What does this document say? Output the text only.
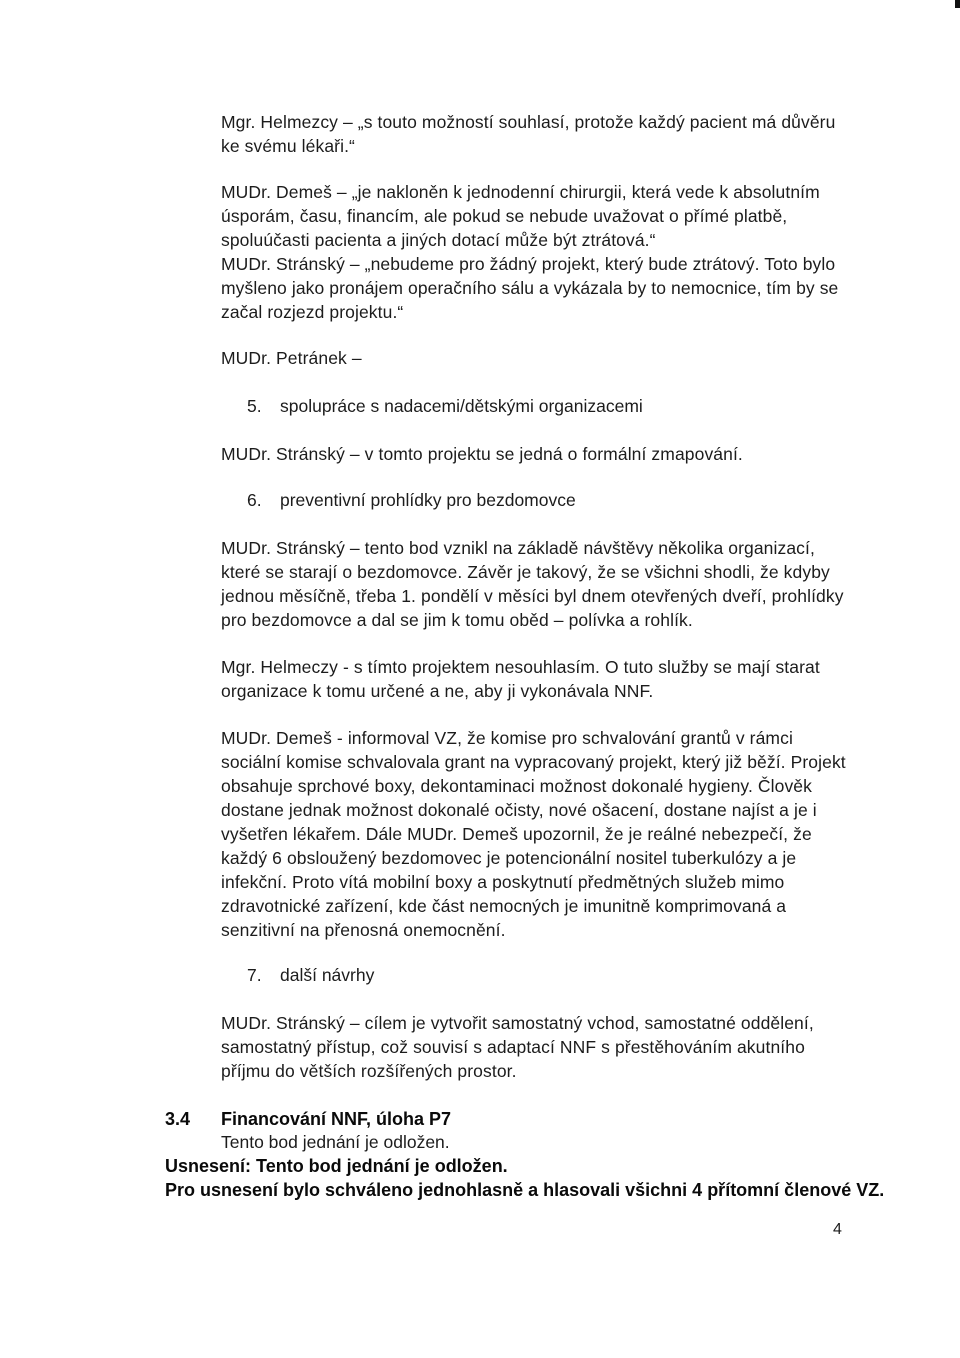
Mgr. Helmezcy – „s touto možností souhlasí, protože každý pacient má důvěru ke svému lékaři.“

MUDr. Demeš – „je nakloněn k jednodenní chirurgii, která vede k absolutním úsporám, času, financím, ale pokud se nebude uvažovat o přímé platbě, spoluúčasti pacienta a jiných dotací může být ztrátová.“

MUDr. Stránský – „nebudeme pro žádný projekt, který bude ztrátový. Toto bylo myšleno jako pronájem operačního sálu a vykázala by to nemocnice, tím by se začal rozjezd projektu.“

MUDr. Petránek –

5. spolupráce s nadacemi/dětskými organizacemi

MUDr. Stránský – v tomto projektu se jedná o formální zmapování.

6. preventivní prohlídky pro bezdomovce

MUDr. Stránský – tento bod vznikl na základě návštěvy několika organizací, které se starají o bezdomovce. Závěr je takový, že se všichni shodli, že kdyby jednou měsíčně, třeba 1. pondělí v měsíci byl dnem otevřených dveří, prohlídky pro bezdomovce a dal se jim k tomu oběd – polívka a rohlík.

Mgr. Helmeczy - s tímto projektem nesouhlasím. O tuto služby se mají starat organizace k tomu určené a ne, aby ji vykonávala NNF.

MUDr. Demeš - informoval VZ, že komise pro schvalování grantů v rámci sociální komise schvalovala grant na vypracovaný projekt, který již běží. Projekt obsahuje sprchové boxy, dekontaminaci možnost dokonalé hygieny. Člověk dostane jednak možnost dokonalé očisty, nové ošacení, dostane najíst a je i vyšetřen lékařem. Dále MUDr. Demeš upozornil, že je reálné nebezpečí, že každý 6 obsloužený bezdomovec je potencionální nositel tuberkulózy a je infekční. Proto vítá mobilní boxy a poskytnutí předmětných služeb mimo zdravotnické zařízení, kde část nemocných je imunitně komprimovaná a senzitivní na přenosná onemocnění.

7. další návrhy

MUDr. Stránský – cílem je vytvořit samostatný vchod, samostatné oddělení, samostatný přístup, což souvisí s adaptací NNF s přestěhováním akutního příjmu do větších rozšířených prostor.

3.4 Financování NNF, úloha P7
Tento bod jednání je odložen.

Usnesení: Tento bod jednání je odložen.

Pro usnesení bylo schváleno jednohlasně a hlasovali všichni 4 přítomní členové VZ.

4
